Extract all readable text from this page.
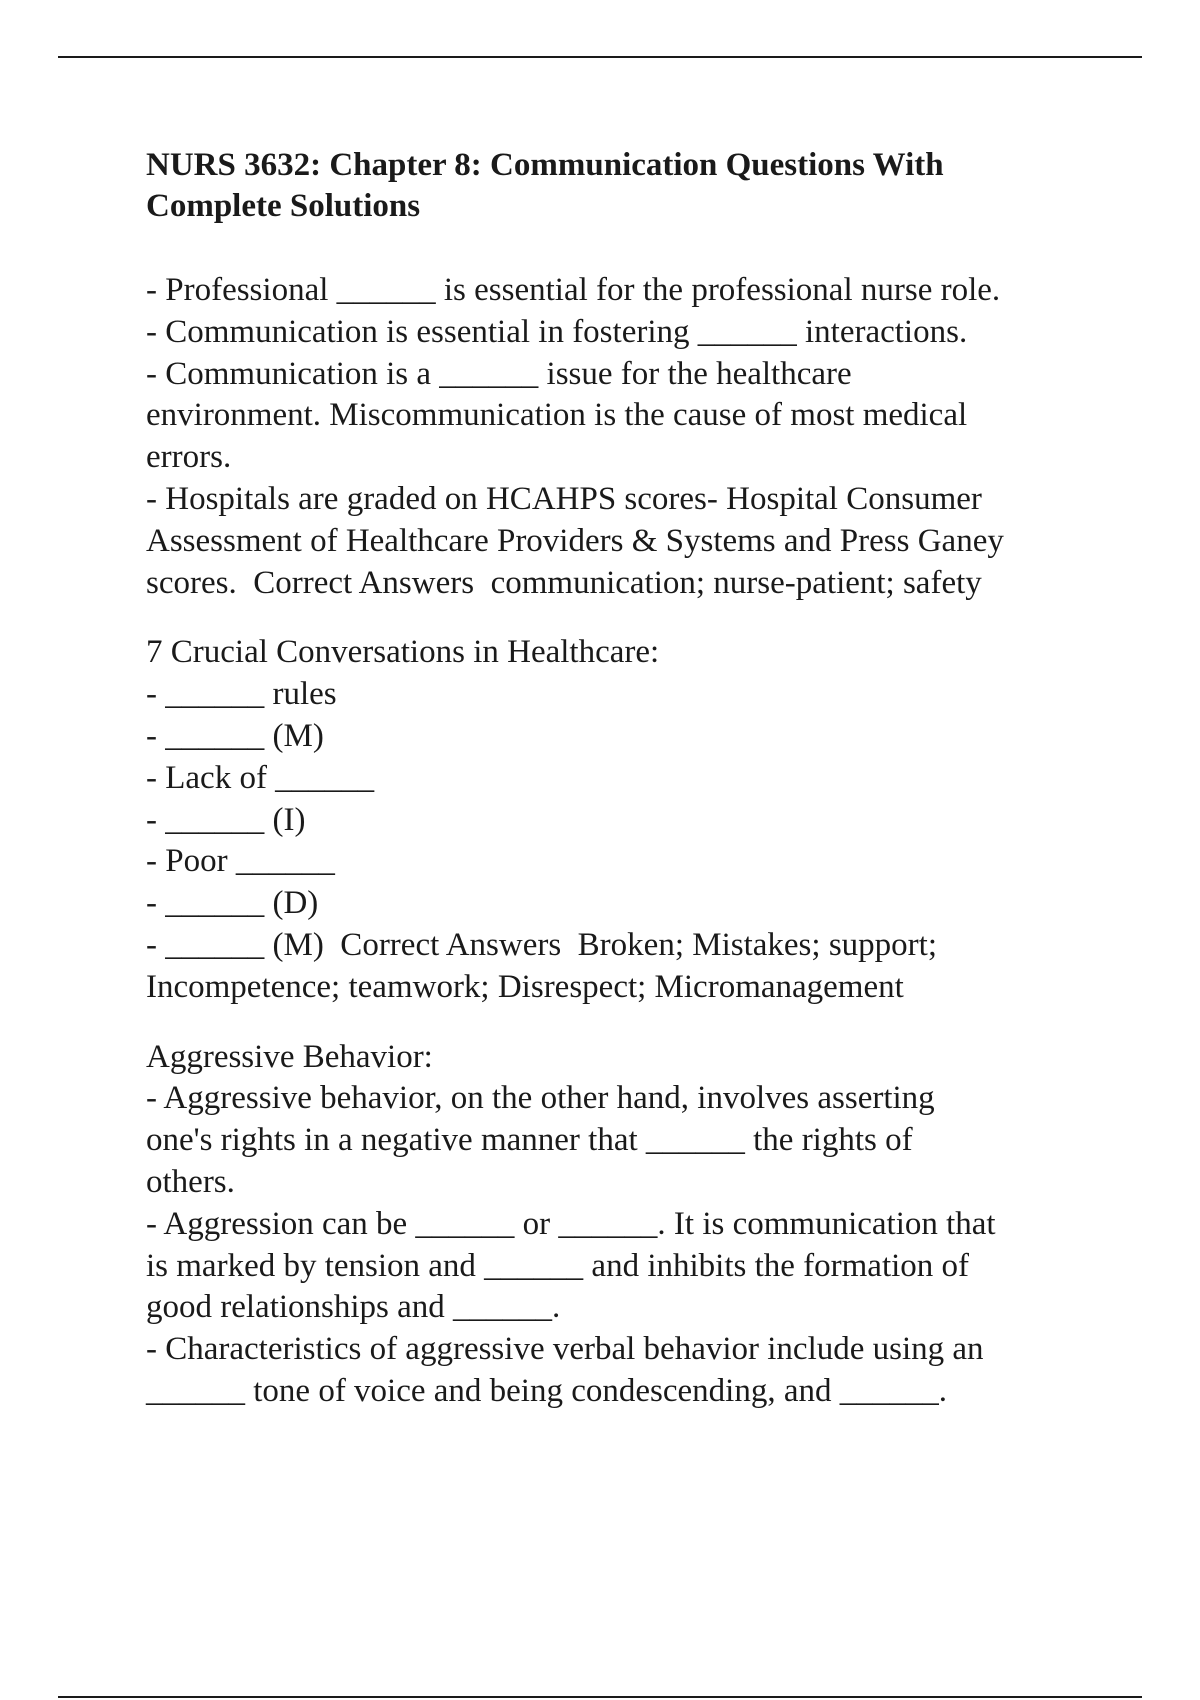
NURS 3632: Chapter 8: Communication Questions With
Complete Solutions
- Professional ______ is essential for the professional nurse role.
- Communication is essential in fostering ______ interactions.
- Communication is a ______ issue for the healthcare
environment. Miscommunication is the cause of most medical
errors.
- Hospitals are graded on HCAHPS scores- Hospital Consumer
Assessment of Healthcare Providers & Systems and Press Ganey
scores.  Correct Answers  communication; nurse-patient; safety
7 Crucial Conversations in Healthcare:
- ______ rules
- ______ (M)
- Lack of ______
- ______ (I)
- Poor ______
- ______ (D)
- ______ (M)  Correct Answers  Broken; Mistakes; support;
Incompetence; teamwork; Disrespect; Micromanagement
Aggressive Behavior:
- Aggressive behavior, on the other hand, involves asserting
one's rights in a negative manner that ______ the rights of
others.
- Aggression can be ______ or ______. It is communication that
is marked by tension and ______ and inhibits the formation of
good relationships and ______.
- Characteristics of aggressive verbal behavior include using an
______ tone of voice and being condescending, and ______.
